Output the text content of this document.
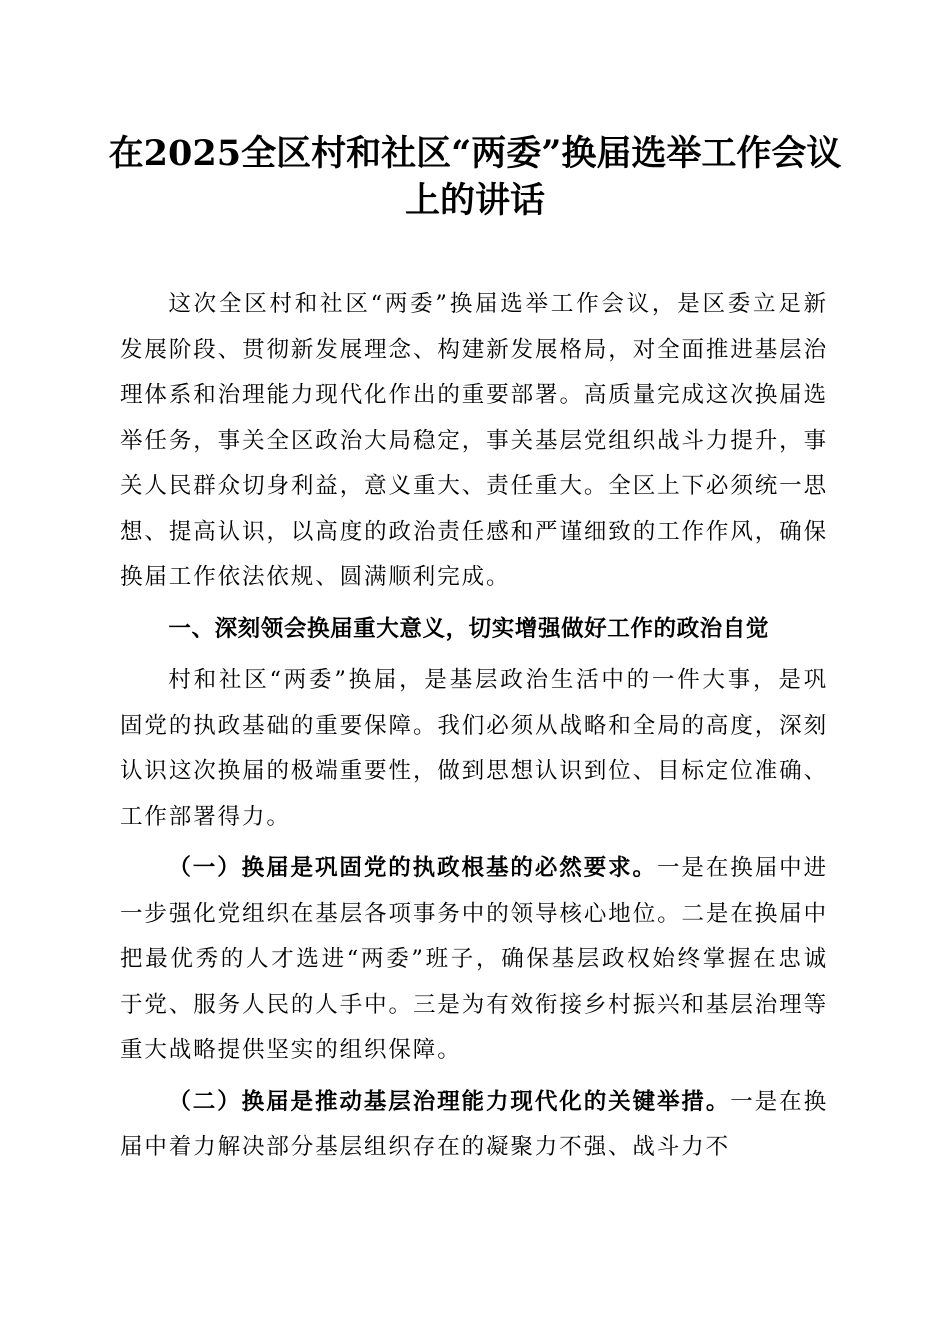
在2025全区村和社区“两委”换届选举工作会议上的讲话

这次全区村和社区“两委”换届选举工作会议，是区委立足新发展阶段、贯彻新发展理念、构建新发展格局，对全面推进基层治理体系和治理能力现代化作出的重要部署。高质量完成这次换届选举任务，事关全区政治大局稳定，事关基层党组织战斗力提升，事关人民群众切身利益，意义重大、责任重大。全区上下必须统一思想、提高认识，以高度的政治责任感和严谨细致的工作作风，确保换届工作依法依规、圆满顺利完成。

一、深刻领会换届重大意义，切实增强做好工作的政治自觉

村和社区“两委”换届，是基层政治生活中的一件大事，是巩固党的执政基础的重要保障。我们必须从战略和全局的高度，深刻认识这次换届的极端重要性，做到思想认识到位、目标定位准确、工作部署得力。

（一）换届是巩固党的执政根基的必然要求。一是在换届中进一步强化党组织在基层各项事务中的领导核心地位。二是在换届中把最优秀的人才选进“两委”班子，确保基层政权始终掌握在忠诚于党、服务人民的人手中。三是为有效衔接乡村振兴和基层治理等重大战略提供坚实的组织保障。

（二）换届是推动基层治理能力现代化的关键举措。一是在换届中着力解决部分基层组织存在的凝聚力不强、战斗力不
